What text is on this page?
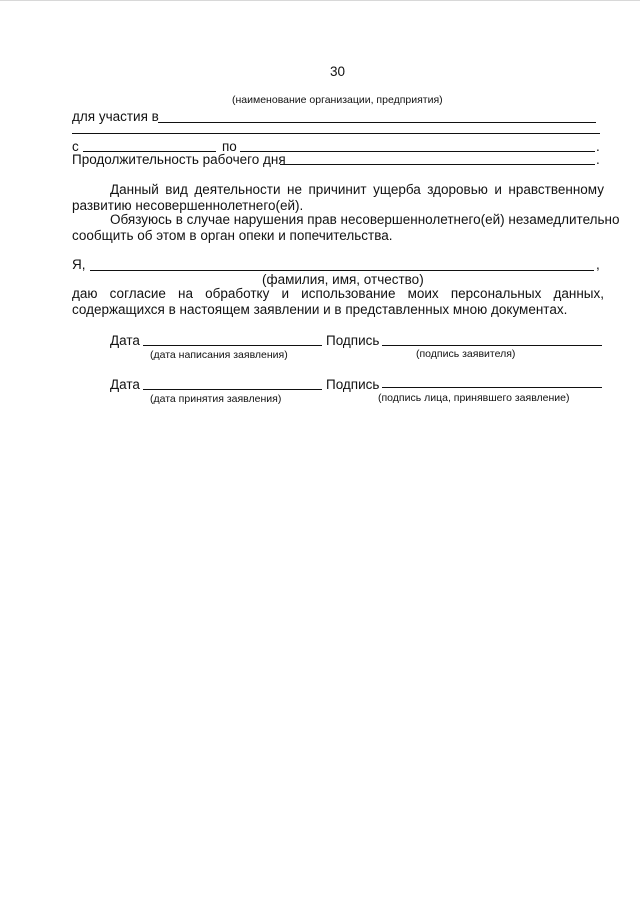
30
(наименование организации, предприятия)
для участия в
с	по	.
Продолжительность рабочего дня	.
Данный вид деятельности не причинит ущерба здоровью и нравственному
развитию несовершеннолетнего(ей).
Обязуюсь в случае нарушения прав несовершеннолетнего(ей) незамедлительно
сообщить об этом в орган опеки и попечительства.
Я,	,
(фамилия, имя, отчество)
даю согласие на обработку и использование моих персональных данных,
содержащихся в настоящем заявлении и в представленных мною документах.
Дата	Подпись
(дата написания заявления)	(подпись заявителя)
Дата	Подпись
(дата принятия заявления)	(подпись лица, принявшего заявление)
